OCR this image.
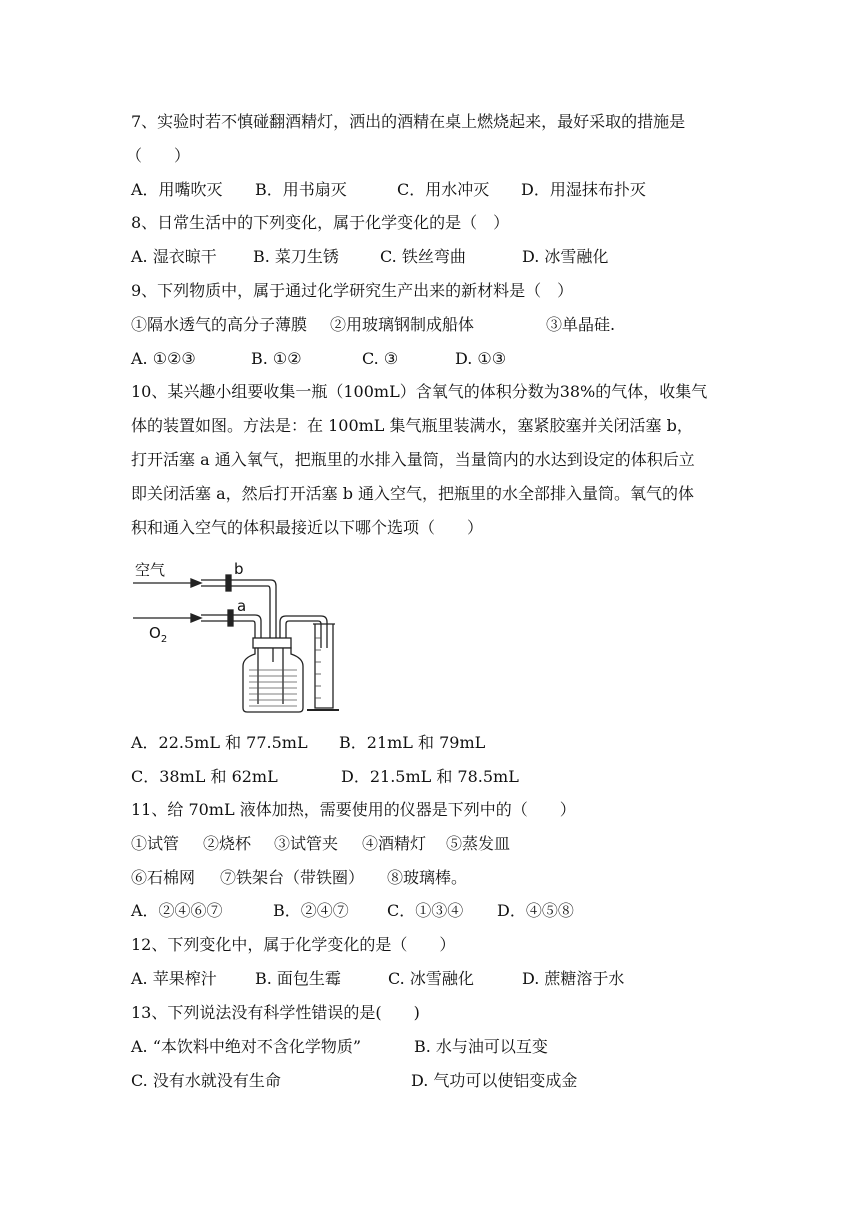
7、实验时若不慎碰翻酒精灯，洒出的酒精在桌上燃烧起来，最好采取的措施是
（　　）
A．用嘴吹灭 B．用书扇灭	C．用水冲灭 D．用湿抹布扑灭
8、日常生活中的下列变化，属于化学变化的是（　）
A. 湿衣晾干 B. 菜刀生锈	C. 铁丝弯曲	D. 冰雪融化
9、下列物质中，属于通过化学研究生产出来的新材料是（　）
①隔水透气的高分子薄膜 ②用玻璃钢制成船体	③单晶硅.
A. ①②③	B. ①②	C. ③	D. ①③
10、某兴趣小组要收集一瓶（100mL）含氧气的体积分数为38%的气体，收集气
体的装置如图。方法是：在 100mL 集气瓶里装满水，塞紧胶塞并关闭活塞 b，
打开活塞 a 通入氧气，把瓶里的水排入量筒，当量筒内的水达到设定的体积后立
即关闭活塞 a，然后打开活塞 b 通入空气，把瓶里的水全部排入量筒。氧气的体
积和通入空气的体积最接近以下哪个选项（　　）
空气
$O_2$
b
a
A．22.5mL 和 77.5mL B．21mL 和 79mL
C．38mL 和 62mL	D．21.5mL 和 78.5mL
11、给 70mL 液体加热，需要使用的仪器是下列中的（　　）
①试管 ②烧杯 ③试管夹 ④酒精灯 ⑤蒸发皿
⑥石棉网 ⑦铁架台（带铁圈） ⑧玻璃棒。
A．②④⑥⑦	B．②④⑦ C．①③④ D．④⑤⑧
12、下列变化中，属于化学变化的是（　　）
A. 苹果榨汁 B. 面包生霉	C. 冰雪融化	D. 蔗糖溶于水
13、下列说法没有科学性错误的是(　　)
A. “本饮料中绝对不含化学物质”	B. 水与油可以互变
C. 没有水就没有生命	D. 气功可以使铝变成金
